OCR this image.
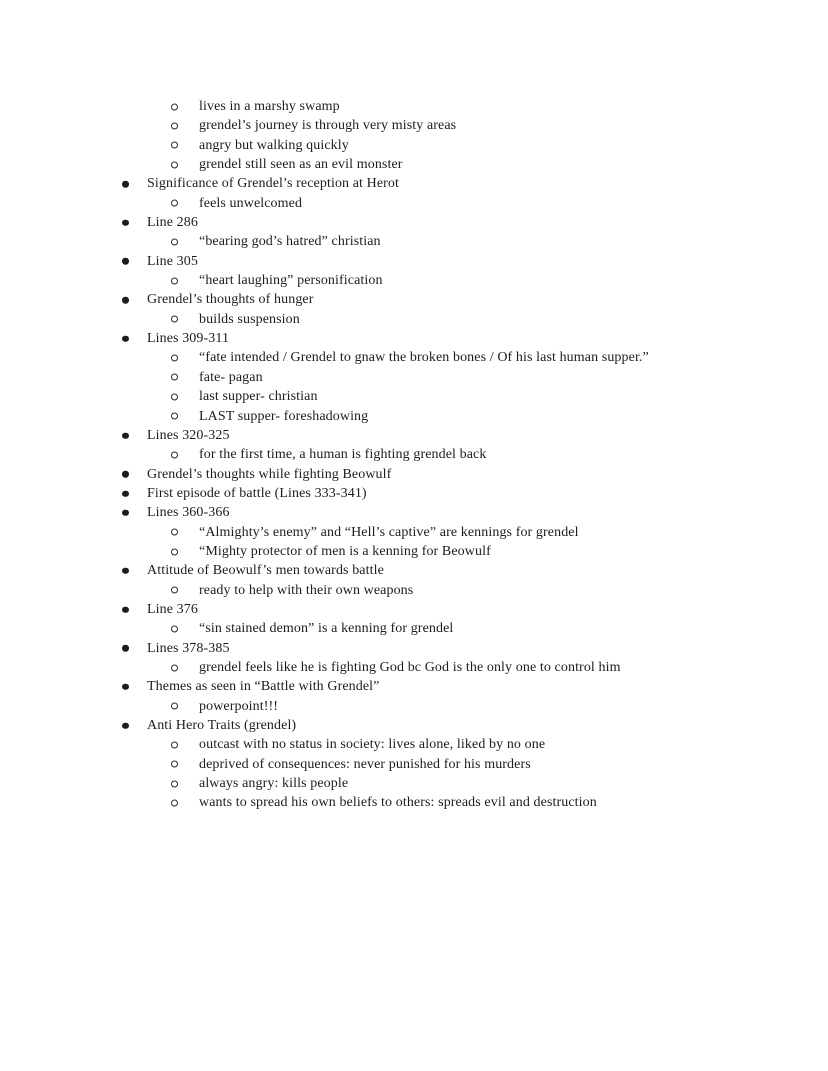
lives in a marshy swamp
grendel’s journey is through very misty areas
angry but walking quickly
grendel still seen as an evil monster
Significance of Grendel’s reception at Herot
feels unwelcomed
Line 286
“bearing god’s hatred” christian
Line 305
“heart laughing” personification
Grendel’s thoughts of hunger
builds suspension
Lines 309-311
“fate intended / Grendel to gnaw the broken bones / Of his last human supper.”
fate- pagan
last supper- christian
LAST supper- foreshadowing
Lines 320-325
for the first time, a human is fighting grendel back
Grendel’s thoughts while fighting Beowulf
First episode of battle (Lines 333-341)
Lines 360-366
“Almighty’s enemy” and “Hell’s captive” are kennings for grendel
“Mighty protector of men is a kenning for Beowulf
Attitude of Beowulf’s men towards battle
ready to help with their own weapons
Line 376
“sin stained demon” is a kenning for grendel
Lines 378-385
grendel feels like he is fighting God bc God is the only one to control him
Themes as seen in “Battle with Grendel”
powerpoint!!!
Anti Hero Traits (grendel)
outcast with no status in society: lives alone, liked by no one
deprived of consequences: never punished for his murders
always angry: kills people
wants to spread his own beliefs to others: spreads evil and destruction
